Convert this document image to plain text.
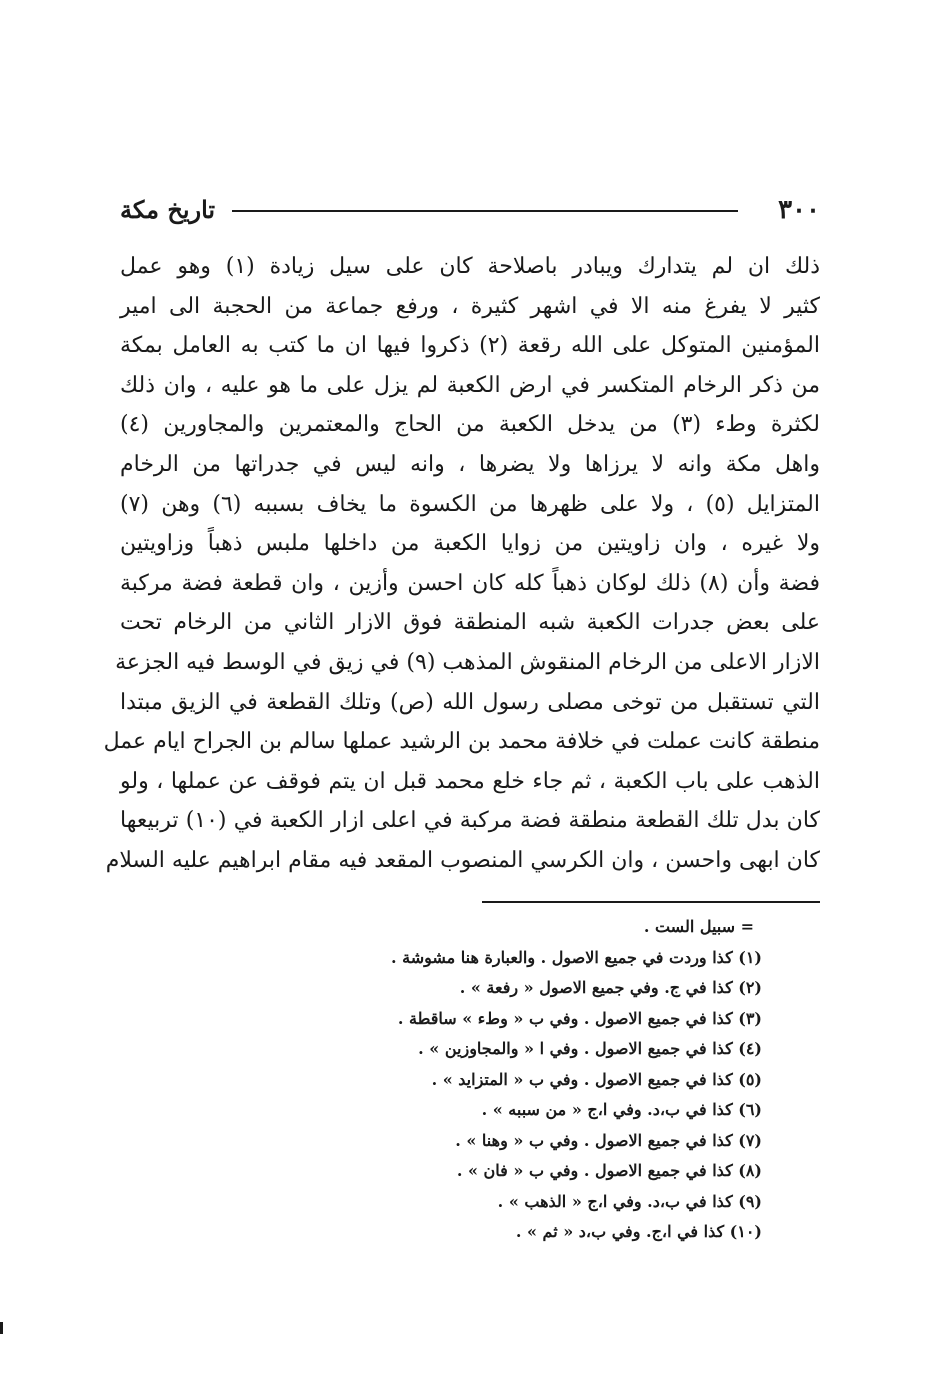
٣٠٠
تاريخ مكة
ذلك ان لم يتدارك ويبادر باصلاحة كان على سيل زيادة (١) وهو عمل
كثير لا يفرغ منه الا في اشهر كثيرة ، ورفع جماعة من الحجبة الى امير
المؤمنين المتوكل على الله رقعة (٢) ذكروا فيها ان ما كتب به العامل بمكة
من ذكر الرخام المتكسر في ارض الكعبة لم يزل على ما هو عليه ، وان ذلك
لكثرة وطء (٣) من يدخل الكعبة من الحاج والمعتمرين والمجاورين (٤)
واهل مكة وانه لا يرزاها ولا يضرها ، وانه ليس في جدراتها من الرخام
المتزايل (٥) ، ولا على ظهرها من الكسوة ما يخاف بسببه (٦) وهن (٧)
ولا غيره ، وان زاويتين من زوايا الكعبة من داخلها ملبس ذهباً وزاويتين
فضة وأن (٨) ذلك لوكان ذهباً كله كان احسن وأزين ، وان قطعة فضة مركبة
على بعض جدرات الكعبة شبه المنطقة فوق الازار الثاني من الرخام تحت
الازار الاعلى من الرخام المنقوش المذهب (٩) في زيق في الوسط فيه الجزعة
التي تستقبل من توخى مصلى رسول الله (ص) وتلك القطعة في الزيق مبتدا
منطقة كانت عملت في خلافة محمد بن الرشيد عملها سالم بن الجراح ايام عمل
الذهب على باب الكعبة ، ثم جاء خلع محمد قبل ان يتم فوقف عن عملها ، ولو
كان بدل تلك القطعة منطقة فضة مركبة في اعلى ازار الكعبة في (١٠) تربيعها
كان ابهى واحسن ، وان الكرسي المنصوب المقعد فيه مقام ابراهيم عليه السلام
= سبيل الست .
(١) كذا وردت في جميع الاصول . والعبارة هنا مشوشة .
(٢) كذا في ج. وفي جميع الاصول « رفعة » .
(٣) كذا في جميع الاصول . وفي ب « وطء » ساقطة .
(٤) كذا في جميع الاصول . وفي ا « والمجاوزين » .
(٥) كذا في جميع الاصول . وفي ب « المتزايد » .
(٦) كذا في ب،د. وفي ا،ج « من سببه » .
(٧) كذا في جميع الاصول . وفي ب « وهنا » .
(٨) كذا في جميع الاصول . وفي ب « فان » .
(٩) كذا في ب،د. وفي ا،ج « الذهب » .
(١٠) كذا في ا،ج. وفي ب،د « ثم » .
